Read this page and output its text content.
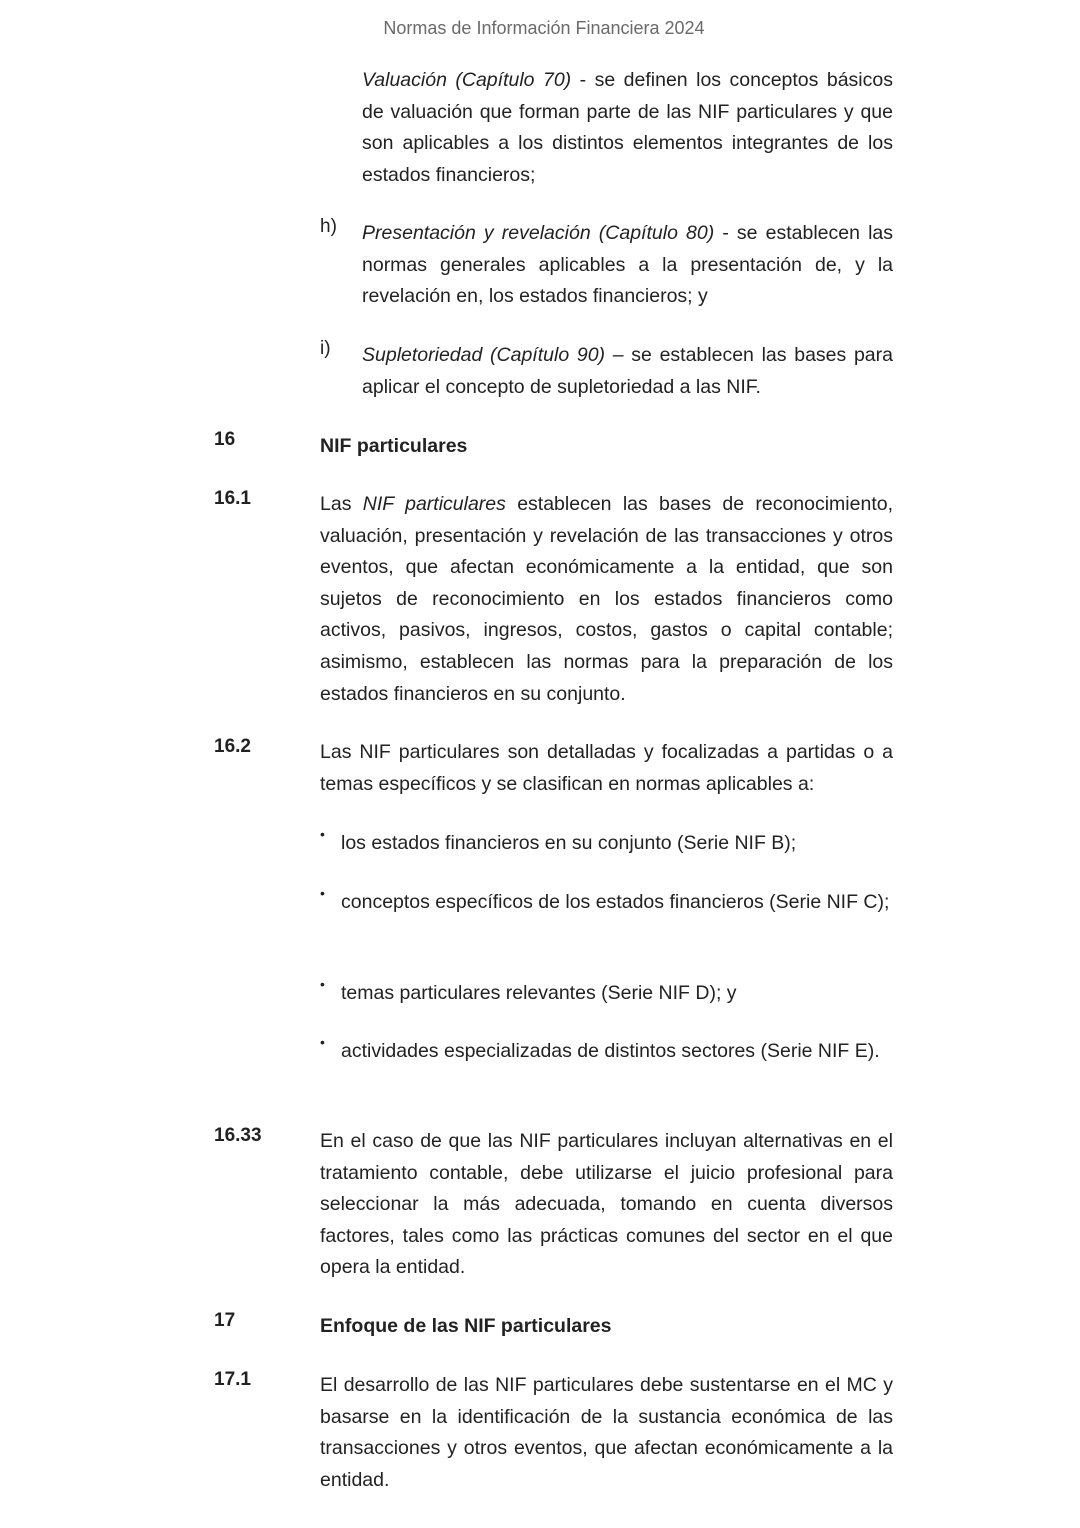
Normas de Información Financiera 2024
Valuación (Capítulo 70) - se definen los conceptos básicos de valuación que forman parte de las NIF particulares y que son aplicables a los distintos elementos integrantes de los estados financieros;
h) Presentación y revelación (Capítulo 80) - se establecen las normas generales aplicables a la presentación de, y la revelación en, los estados financieros; y
i) Supletoriedad (Capítulo 90) – se establecen las bases para aplicar el concepto de supletoriedad a las NIF.
16	NIF particulares
16.1	Las NIF particulares establecen las bases de reconocimiento, valuación, presentación y revelación de las transacciones y otros eventos, que afectan económicamente a la entidad, que son sujetos de reconocimiento en los estados financieros como activos, pasivos, ingresos, costos, gastos o capital contable; asimismo, establecen las normas para la preparación de los estados financieros en su conjunto.
16.2	Las NIF particulares son detalladas y focalizadas a partidas o a temas específicos y se clasifican en normas aplicables a:
• los estados financieros en su conjunto (Serie NIF B);
• conceptos específicos de los estados financieros (Serie NIF C);
• temas particulares relevantes (Serie NIF D); y
• actividades especializadas de distintos sectores (Serie NIF E).
16.33	En el caso de que las NIF particulares incluyan alternativas en el tratamiento contable, debe utilizarse el juicio profesional para seleccionar la más adecuada, tomando en cuenta diversos factores, tales como las prácticas comunes del sector en el que opera la entidad.
17	Enfoque de las NIF particulares
17.1	El desarrollo de las NIF particulares debe sustentarse en el MC y basarse en la identificación de la sustancia económica de las transacciones y otros eventos, que afectan económicamente a la entidad.
